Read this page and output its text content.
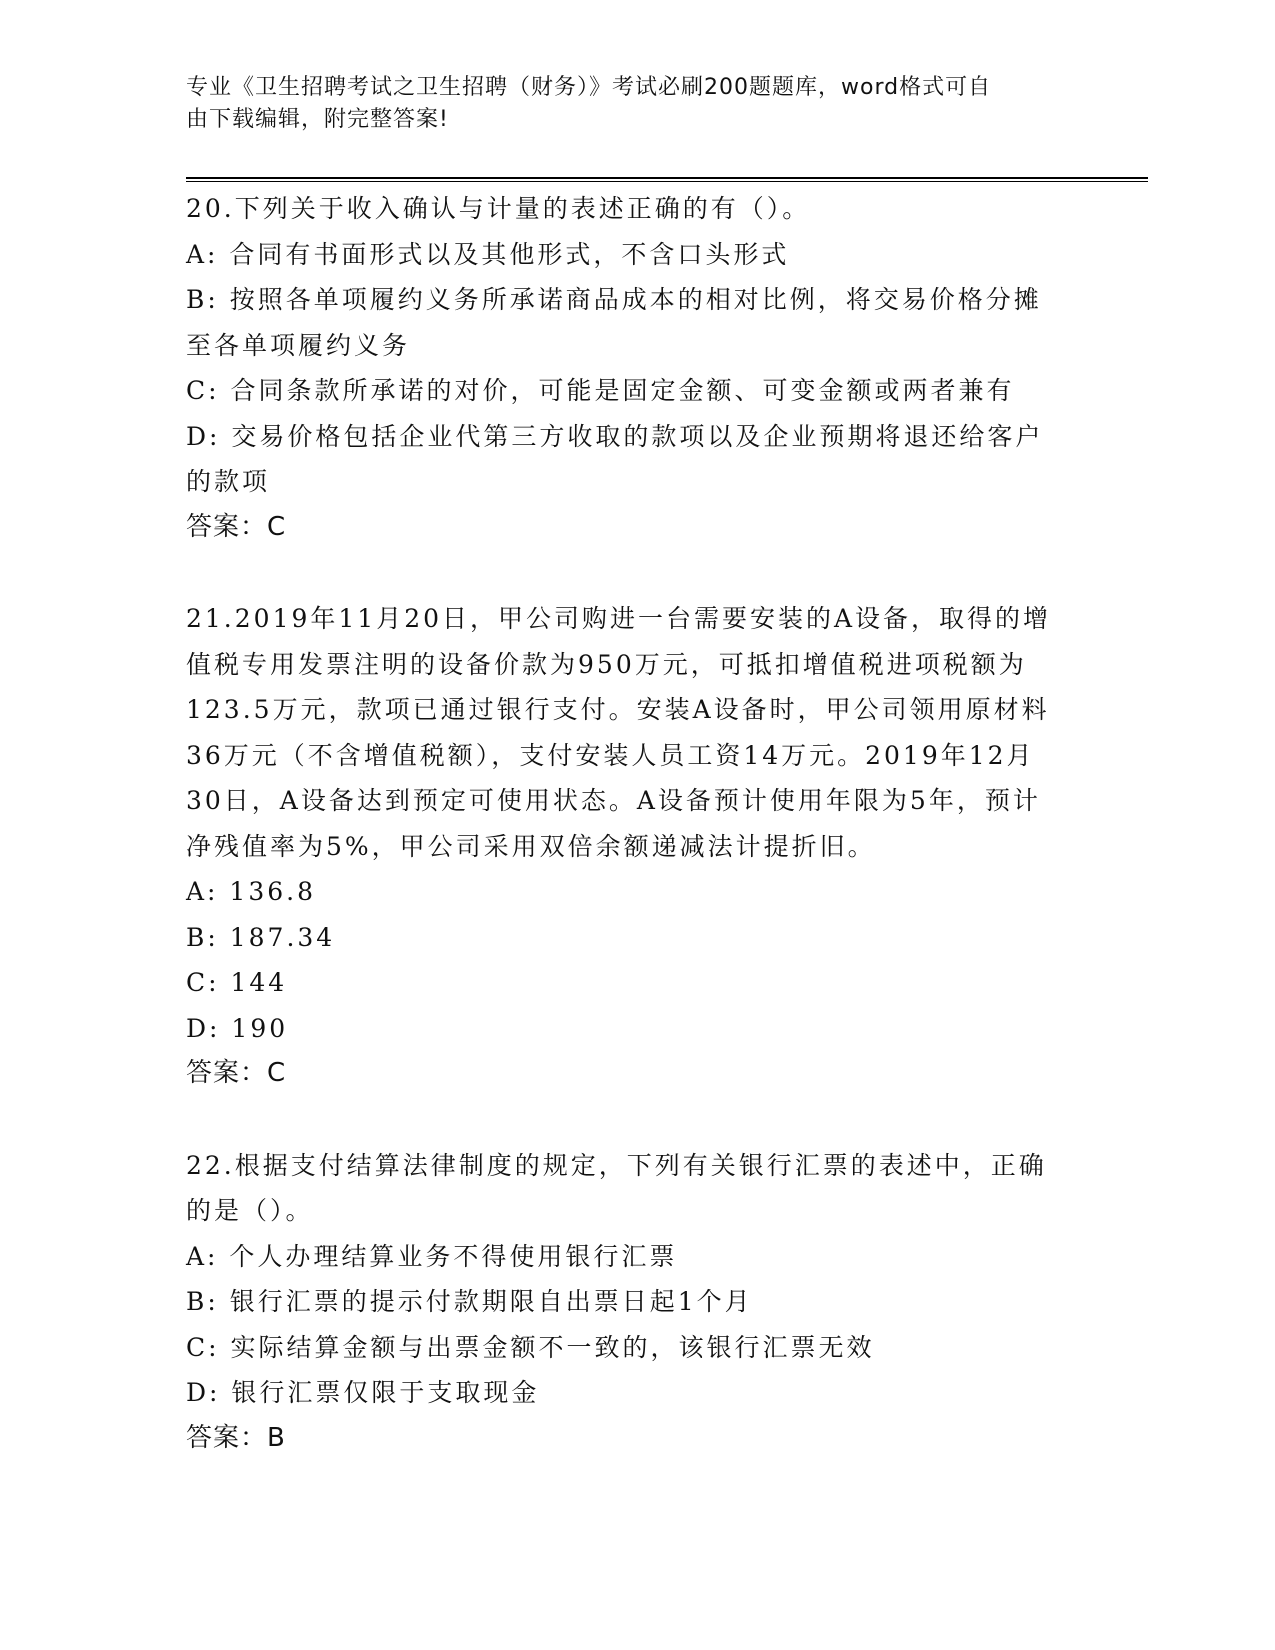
专业《卫生招聘考试之卫生招聘（财务）》考试必刷200题题库，word格式可自
由下载编辑，附完整答案!
20.下列关于收入确认与计量的表述正确的有（）。
A: 合同有书面形式以及其他形式，不含口头形式
B: 按照各单项履约义务所承诺商品成本的相对比例，将交易价格分摊
至各单项履约义务
C: 合同条款所承诺的对价，可能是固定金额、可变金额或两者兼有
D: 交易价格包括企业代第三方收取的款项以及企业预期将退还给客户
的款项
答案：C
21.2019年11月20日，甲公司购进一台需要安装的A设备，取得的增
值税专用发票注明的设备价款为950万元，可抵扣增值税进项税额为
123.5万元，款项已通过银行支付。安装A设备时，甲公司领用原材料
36万元（不含增值税额），支付安装人员工资14万元。2019年12月
30日，A设备达到预定可使用状态。A设备预计使用年限为5年，预计
净残值率为5%，甲公司采用双倍余额递减法计提折旧。
A: 136.8
B: 187.34
C: 144
D: 190
答案：C
22.根据支付结算法律制度的规定，下列有关银行汇票的表述中，正确
的是（）。
A: 个人办理结算业务不得使用银行汇票
B: 银行汇票的提示付款期限自出票日起1个月
C: 实际结算金额与出票金额不一致的，该银行汇票无效
D: 银行汇票仅限于支取现金
答案：B
